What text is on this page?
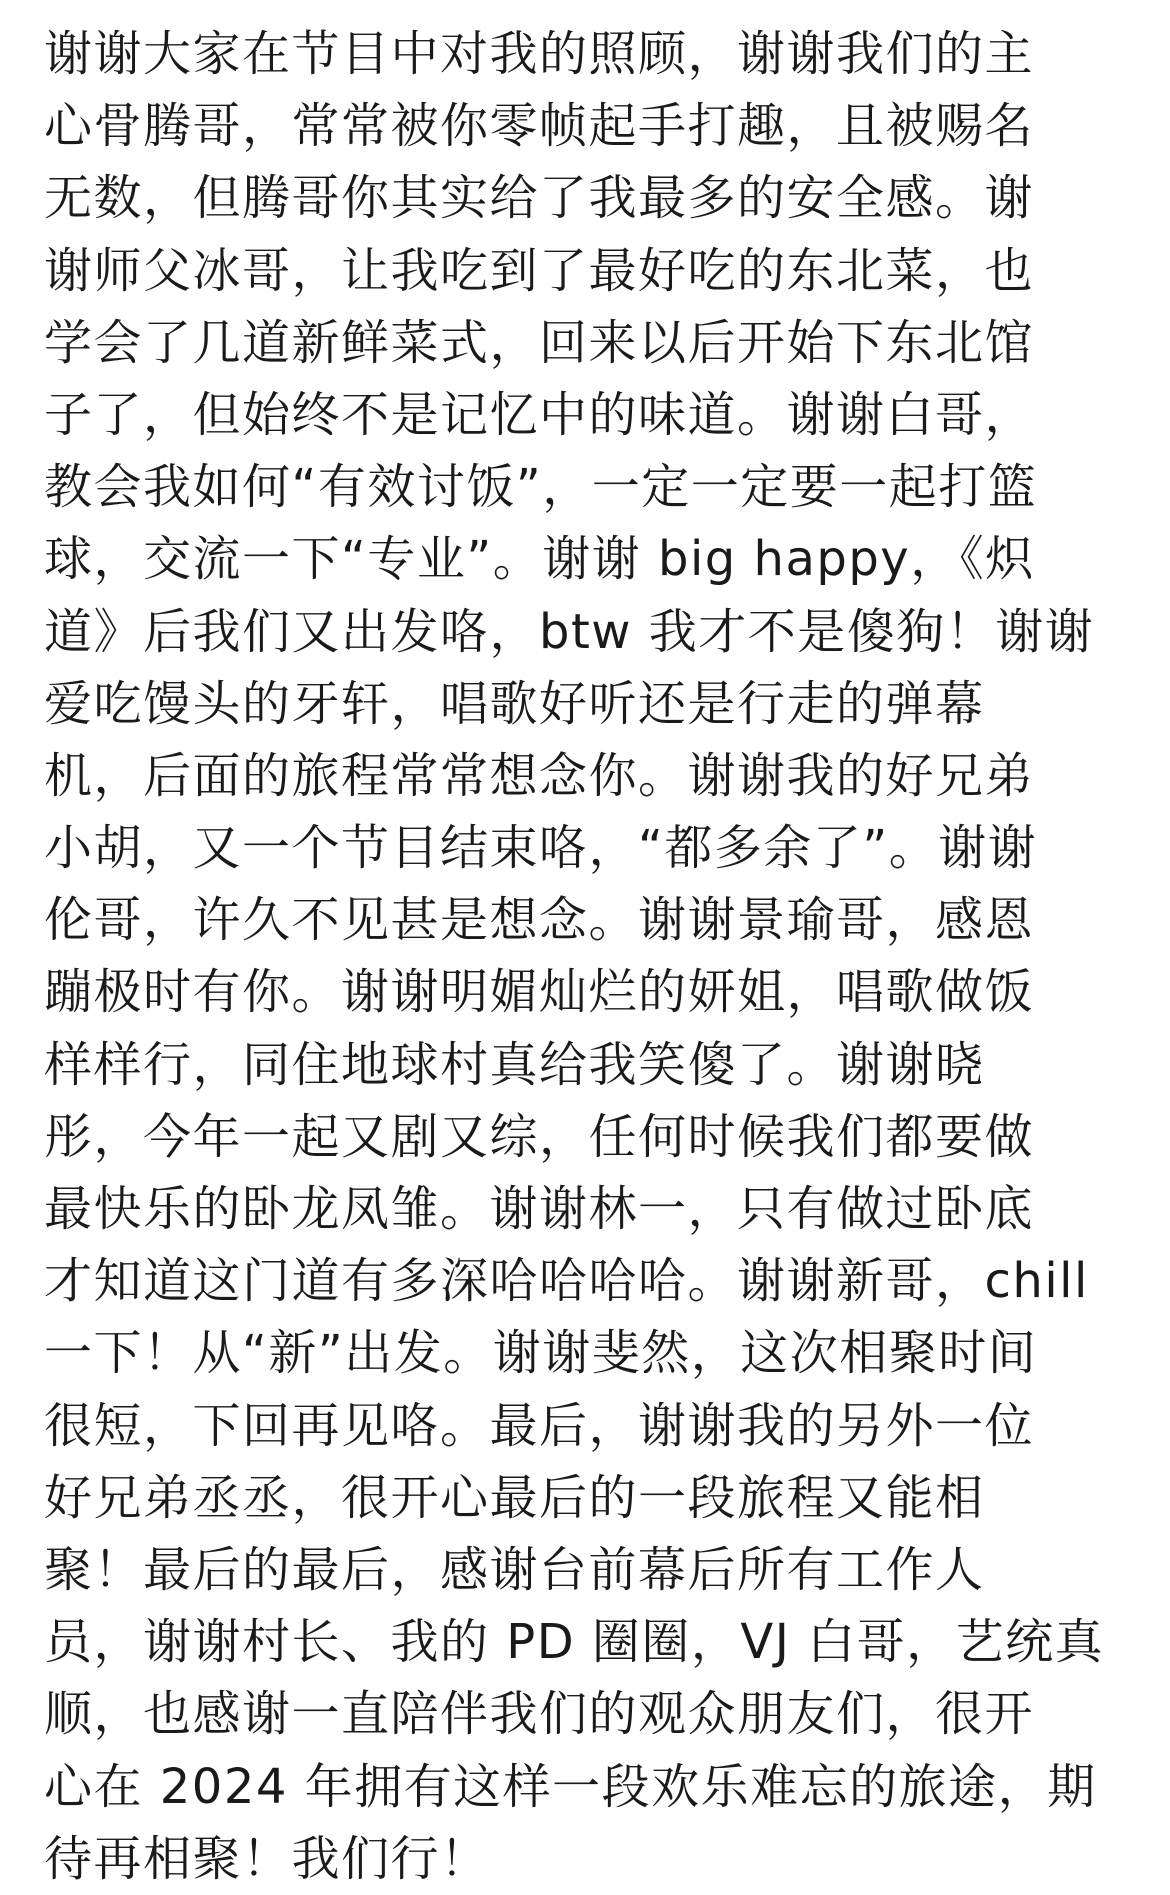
谢谢大家在节目中对我的照顾，谢谢我们的主
心骨腾哥，常常被你零帧起手打趣，且被赐名
无数，但腾哥你其实给了我最多的安全感。谢
谢师父冰哥，让我吃到了最好吃的东北菜，也
学会了几道新鲜菜式，回来以后开始下东北馆
子了，但始终不是记忆中的味道。谢谢白哥，
教会我如何“有效讨饭”，一定一定要一起打篮
球，交流一下“专业”。谢谢 big happy，《炽
道》后我们又出发咯，btw 我才不是傻狗！谢谢
爱吃馒头的牙轩，唱歌好听还是行走的弹幕
机，后面的旅程常常想念你。谢谢我的好兄弟
小胡，又一个节目结束咯，“都多余了”。谢谢
伦哥，许久不见甚是想念。谢谢景瑜哥，感恩
蹦极时有你。谢谢明媚灿烂的妍姐，唱歌做饭
样样行，同住地球村真给我笑傻了。谢谢晓
彤，今年一起又剧又综，任何时候我们都要做
最快乐的卧龙凤雏。谢谢林一，只有做过卧底
才知道这门道有多深哈哈哈哈。谢谢新哥，chill
一下！从“新”出发。谢谢斐然，这次相聚时间
很短，下回再见咯。最后，谢谢我的另外一位
好兄弟丞丞，很开心最后的一段旅程又能相
聚！最后的最后，感谢台前幕后所有工作人
员，谢谢村长、我的 PD 圈圈，VJ 白哥，艺统真
顺，也感谢一直陪伴我们的观众朋友们，很开
心在 2024 年拥有这样一段欢乐难忘的旅途，期
待再相聚！我们行！
